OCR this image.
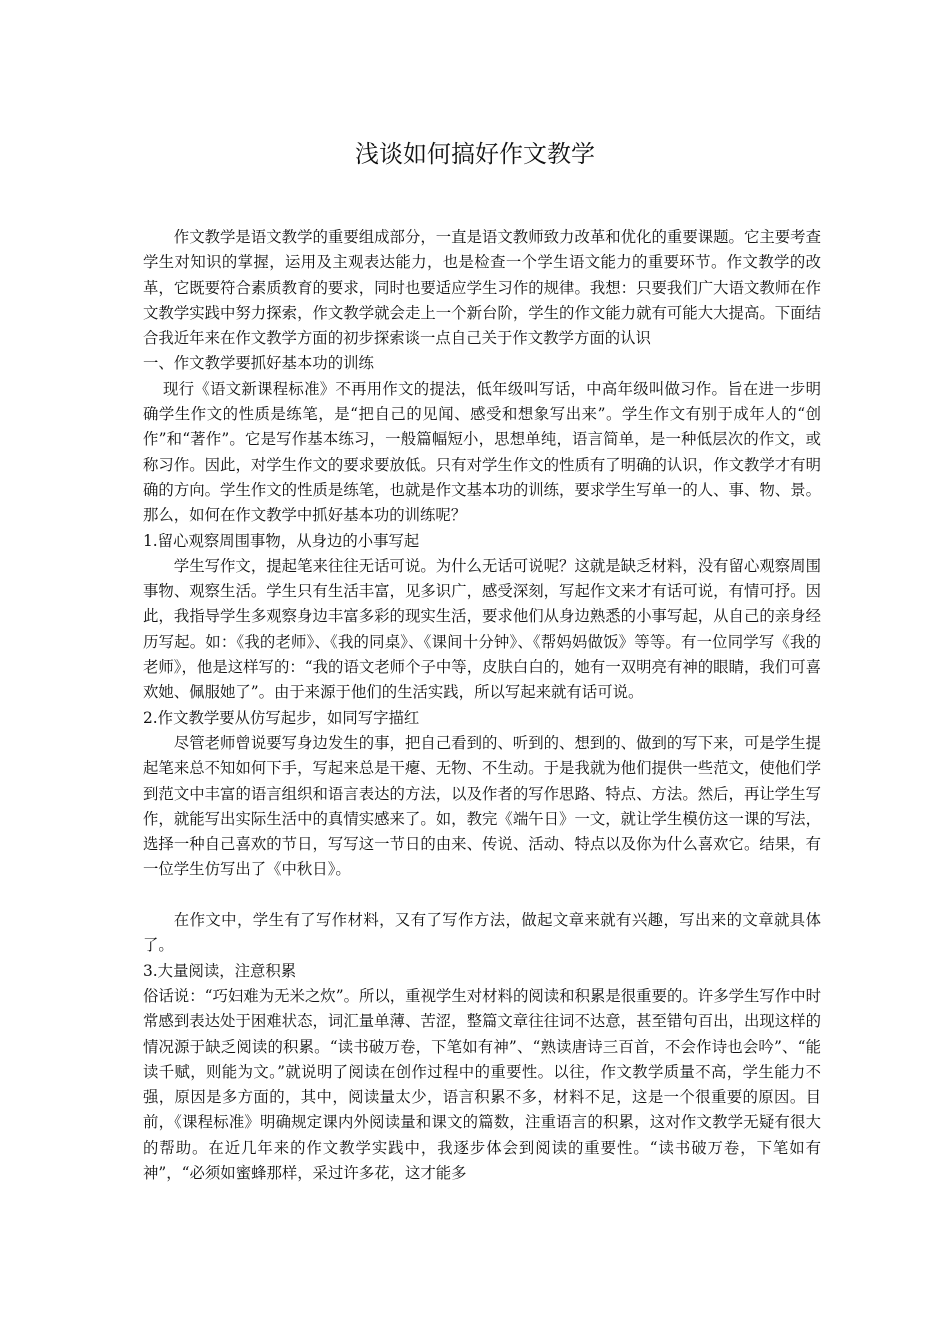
浅谈如何搞好作文教学

作文教学是语文教学的重要组成部分，一直是语文教师致力改革和优化的重要课题。它主要考查学生对知识的掌握，运用及主观表达能力，也是检查一个学生语文能力的重要环节。作文教学的改革，它既要符合素质教育的要求，同时也要适应学生习作的规律。我想：只要我们广大语文教师在作文教学实践中努力探索，作文教学就会走上一个新台阶，学生的作文能力就有可能大大提高。下面结合我近年来在作文教学方面的初步探索谈一点自己关于作文教学方面的认识

一、作文教学要抓好基本功的训练

现行《语文新课程标准》不再用作文的提法，低年级叫写话，中高年级叫做习作。旨在进一步明确学生作文的性质是练笔，是“把自己的见闻、感受和想象写出来”。学生作文有别于成年人的“创作”和“著作”。它是写作基本练习，一般篇幅短小，思想单纯，语言简单，是一种低层次的作文，或称习作。因此，对学生作文的要求要放低。只有对学生作文的性质有了明确的认识，作文教学才有明确的方向。学生作文的性质是练笔，也就是作文基本功的训练，要求学生写单一的人、事、物、景。那么，如何在作文教学中抓好基本功的训练呢？

1.留心观察周围事物，从身边的小事写起

学生写作文，提起笔来往往无话可说。为什么无话可说呢？这就是缺乏材料，没有留心观察周围事物、观察生活。学生只有生活丰富，见多识广，感受深刻，写起作文来才有话可说，有情可抒。因此，我指导学生多观察身边丰富多彩的现实生活，要求他们从身边熟悉的小事写起，从自己的亲身经历写起。如：《我的老师》、《我的同桌》、《课间十分钟》、《帮妈妈做饭》等等。有一位同学写《我的老师》，他是这样写的：“我的语文老师个子中等，皮肤白白的，她有一双明亮有神的眼睛，我们可喜欢她、佩服她了”。由于来源于他们的生活实践，所以写起来就有话可说。

2.作文教学要从仿写起步，如同写字描红

尽管老师曾说要写身边发生的事，把自己看到的、听到的、想到的、做到的写下来，可是学生提起笔来总不知如何下手，写起来总是干瘪、无物、不生动。于是我就为他们提供一些范文，使他们学到范文中丰富的语言组织和语言表达的方法，以及作者的写作思路、特点、方法。然后，再让学生写作，就能写出实际生活中的真情实感来了。如，教完《端午日》一文，就让学生模仿这一课的写法，选择一种自己喜欢的节日，写写这一节日的由来、传说、活动、特点以及你为什么喜欢它。结果，有一位学生仿写出了《中秋日》。

在作文中，学生有了写作材料，又有了写作方法，做起文章来就有兴趣，写出来的文章就具体了。

3.大量阅读，注意积累

俗话说：“巧妇难为无米之炊”。所以，重视学生对材料的阅读和积累是很重要的。许多学生写作中时常感到表达处于困难状态，词汇量单薄、苦涩，整篇文章往往词不达意，甚至错句百出，出现这样的情况源于缺乏阅读的积累。“读书破万卷，下笔如有神”、“熟读唐诗三百首，不会作诗也会吟”、“能读千赋，则能为文。”就说明了阅读在创作过程中的重要性。以往，作文教学质量不高，学生能力不强，原因是多方面的，其中，阅读量太少，语言积累不多，材料不足，这是一个很重要的原因。目前，《课程标准》明确规定课内外阅读量和课文的篇数，注重语言的积累，这对作文教学无疑有很大的帮助。在近几年来的作文教学实践中，我逐步体会到阅读的重要性。“读书破万卷，下笔如有神”，“必须如蜜蜂那样，采过许多花，这才能多
